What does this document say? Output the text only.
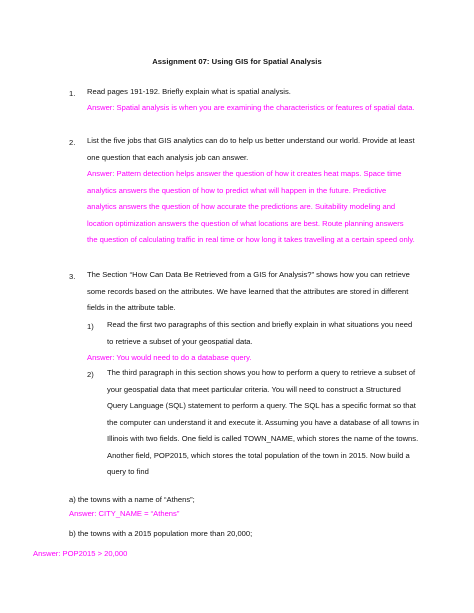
Assignment 07: Using GIS for Spatial Analysis
1. Read pages 191-192. Briefly explain what is spatial analysis.
Answer: Spatial analysis is when you are examining the characteristics or features of spatial data.
2. List the five jobs that GIS analytics can do to help us better understand our world. Provide at least one question that each analysis job can answer.
Answer: Pattern detection helps answer the question of how it creates heat maps. Space time analytics answers the question of how to predict what will happen in the future. Predictive analytics answers the question of how accurate the predictions are. Suitability modeling and location optimization answers the question of what locations are best. Route planning answers the question of calculating traffic in real time or how long it takes travelling at a certain speed only.
3. The Section “How Can Data Be Retrieved from a GIS for Analysis?” shows how you can retrieve some records based on the attributes. We have learned that the attributes are stored in different fields in the attribute table.
1) Read the first two paragraphs of this section and briefly explain in what situations you need to retrieve a subset of your geospatial data.
Answer: You would need to do a database query.
2) The third paragraph in this section shows you how to perform a query to retrieve a subset of your geospatial data that meet particular criteria. You will need to construct a Structured Query Language (SQL) statement to perform a query. The SQL has a specific format so that the computer can understand it and execute it. Assuming you have a database of all towns in Illinois with two fields. One field is called TOWN_NAME, which stores the name of the towns. Another field, POP2015, which stores the total population of the town in 2015. Now build a query to find
a) the towns with a name of “Athens”;
Answer: CITY_NAME = “Athens”
b) the towns with a 2015 population more than 20,000;
Answer: POP2015 > 20,000
